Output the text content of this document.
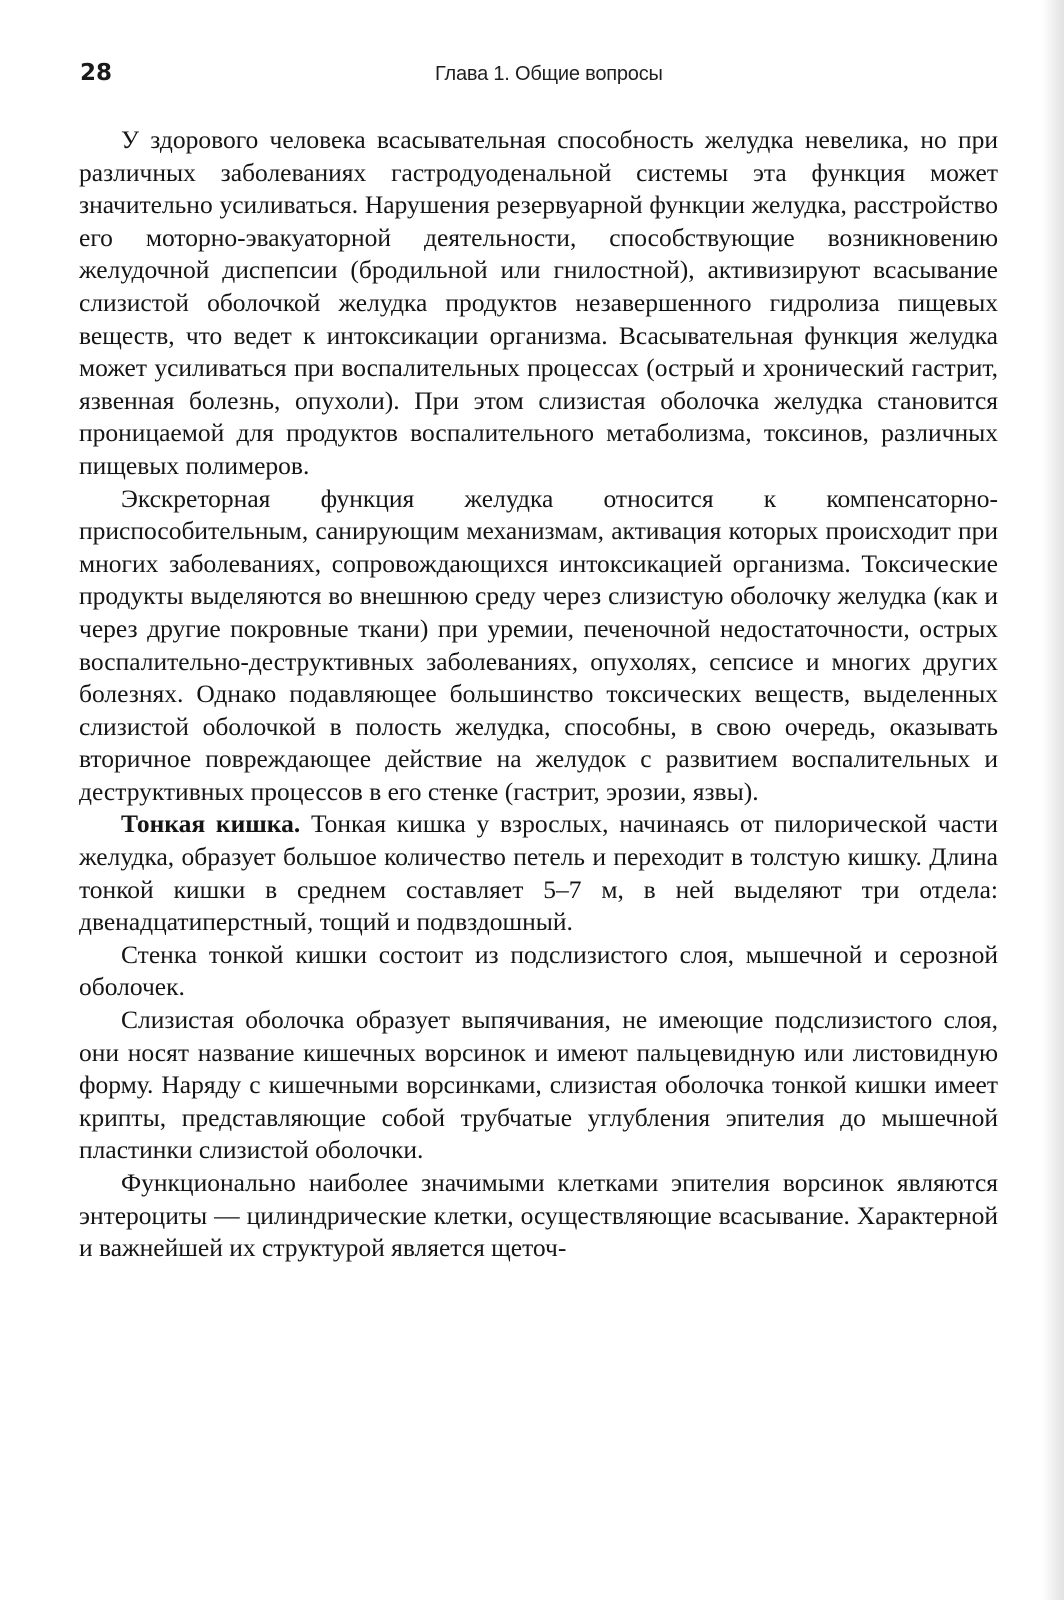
28	Глава 1. Общие вопросы

У здорового человека всасывательная способность желудка невелика, но при различных заболеваниях гастродуоденальной системы эта функция может значительно усиливаться. Нарушения резервуарной функции желудка, расстройство его моторно-эвакуаторной деятельности, способствующие возникновению желудочной диспепсии (бродильной или гнилостной), активизируют всасывание слизистой оболочкой желудка продуктов незавершенного гидролиза пищевых веществ, что ведет к интоксикации организма. Всасывательная функция желудка может усиливаться при воспалительных процессах (острый и хронический гастрит, язвенная болезнь, опухоли). При этом слизистая оболочка желудка становится проницаемой для продуктов воспалительного метаболизма, токсинов, различных пищевых полимеров.

Экскреторная функция желудка относится к компенсаторно-приспособительным, санирующим механизмам, активация которых происходит при многих заболеваниях, сопровождающихся интоксикацией организма. Токсические продукты выделяются во внешнюю среду через слизистую оболочку желудка (как и через другие покровные ткани) при уремии, печеночной недостаточности, острых воспалительно-деструктивных заболеваниях, опухолях, сепсисе и многих других болезнях. Однако подавляющее большинство токсических веществ, выделенных слизистой оболочкой в полость желудка, способны, в свою очередь, оказывать вторичное повреждающее действие на желудок с развитием воспалительных и деструктивных процессов в его стенке (гастрит, эрозии, язвы).

Тонкая кишка. Тонкая кишка у взрослых, начинаясь от пилорической части желудка, образует большое количество петель и переходит в толстую кишку. Длина тонкой кишки в среднем составляет 5–7 м, в ней выделяют три отдела: двенадцатиперстный, тощий и подвздошный.

Стенка тонкой кишки состоит из подслизистого слоя, мышечной и серозной оболочек.

Слизистая оболочка образует выпячивания, не имеющие подслизистого слоя, они носят название кишечных ворсинок и имеют пальцевидную или листовидную форму. Наряду с кишечными ворсинками, слизистая оболочка тонкой кишки имеет крипты, представляющие собой трубчатые углубления эпителия до мышечной пластинки слизистой оболочки.

Функционально наиболее значимыми клетками эпителия ворсинок являются энтероциты — цилиндрические клетки, осуществляющие всасывание. Характерной и важнейшей их структурой является щеточ-
